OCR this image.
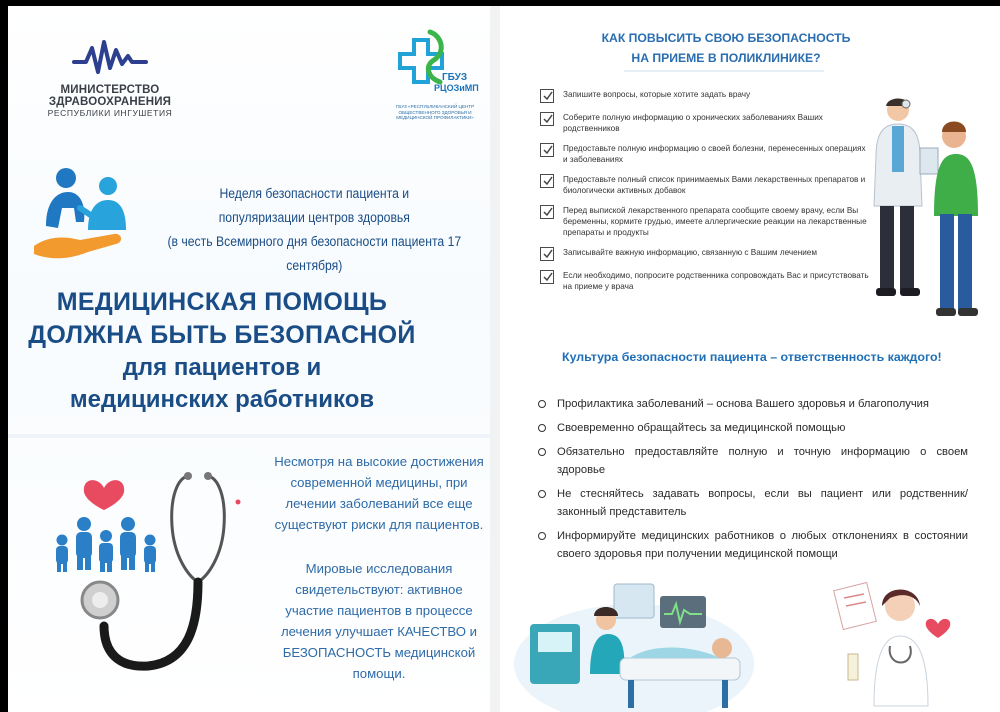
МИНИСТЕРСТВО
ЗДРАВООХРАНЕНИЯ
РЕСПУБЛИКИ ИНГУШЕТИЯ
ГБУЗ
РЦОЗиМП
ГБУЗ «РЕСПУБЛИКАНСКИЙ ЦЕНТР ОБЩЕСТВЕННОГО ЗДОРОВЬЯ И МЕДИЦИНСКОЙ ПРОФИЛАКТИКИ»
Неделя безопасности пациента и
популяризации центров здоровья
(в честь Всемирного дня безопасности пациента 17 сентября)
МЕДИЦИНСКАЯ ПОМОЩЬ
ДОЛЖНА БЫТЬ БЕЗОПАСНОЙ
для пациентов и
медицинских работников

Несмотря на высокие достижения современной медицины, при лечении заболеваний все еще существуют риски для пациентов.

Мировые исследования свидетельствуют: активное участие пациентов в процессе лечения улучшает КАЧЕСТВО и БЕЗОПАСНОСТЬ медицинской помощи.

КАК ПОВЫСИТЬ СВОЮ БЕЗОПАСНОСТЬ
НА ПРИЕМЕ В ПОЛИКЛИНИКЕ?
Запишите вопросы, которые хотите задать врачу
Соберите полную информацию о хронических заболеваниях Ваших родственников
Предоставьте полную информацию о своей болезни, перенесенных операциях и заболеваниях
Предоставьте полный список принимаемых Вами лекарственных препаратов и биологически активных добавок
Перед выпиской лекарственного препарата сообщите своему врачу, если Вы беременны, кормите грудью, имеете аллергические реакции на лекарственные препараты и продукты
Записывайте важную информацию, связанную с Вашим лечением
Если необходимо, попросите родственника сопровождать Вас и присутствовать на приеме у врача
Культура безопасности пациента – ответственность каждого!
Профилактика заболеваний – основа Вашего здоровья и благополучия
Своевременно обращайтесь за медицинской помощью
Обязательно предоставляйте полную и точную информацию о своем здоровье
Не стесняйтесь задавать вопросы, если вы пациент или родственник/ законный представитель
Информируйте медицинских работников о любых отклонениях в состоянии своего здоровья при получении медицинской помощи
